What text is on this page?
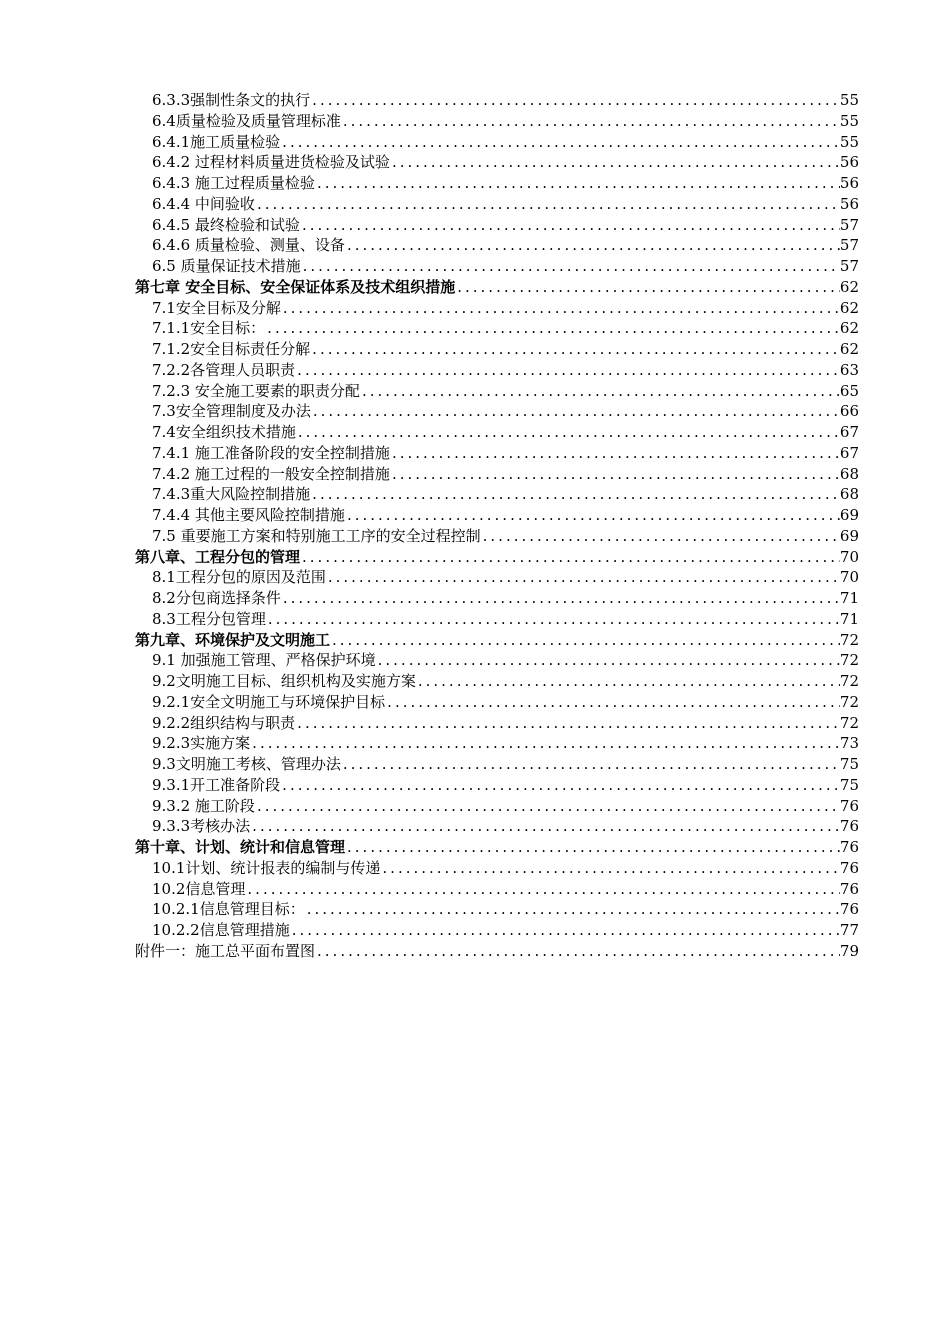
6.3.3强制性条文的执行 .....	55
6.4质量检验及质量管理标准 .....	55
6.4.1施工质量检验 .....	55
6.4.2 过程材料质量进货检验及试验 .....	56
6.4.3 施工过程质量检验 .....	56
6.4.4 中间验收 .....	56
6.4.5 最终检验和试验 .....	57
6.4.6 质量检验、测量、设备 .....	57
6.5 质量保证技术措施 .....	57
第七章 安全目标、安全保证体系及技术组织措施 .....	62
7.1安全目标及分解 .....	62
7.1.1安全目标： .....	62
7.1.2安全目标责任分解 .....	62
7.2.2各管理人员职责 .....	63
7.2.3 安全施工要素的职责分配 .....	65
7.3安全管理制度及办法 .....	66
7.4安全组织技术措施 .....	67
7.4.1 施工准备阶段的安全控制措施 .....	67
7.4.2 施工过程的一般安全控制措施 .....	68
7.4.3重大风险控制措施 .....	68
7.4.4 其他主要风险控制措施 .....	69
7.5 重要施工方案和特别施工工序的安全过程控制 .....	69
第八章、工程分包的管理 .....	70
8.1工程分包的原因及范围 .....	70
8.2分包商选择条件 .....	71
8.3工程分包管理 .....	71
第九章、环境保护及文明施工 .....	72
9.1 加强施工管理、严格保护环境 .....	72
9.2文明施工目标、组织机构及实施方案 .....	72
9.2.1安全文明施工与环境保护目标 .....	72
9.2.2组织结构与职责 .....	72
9.2.3实施方案 .....	73
9.3文明施工考核、管理办法 .....	75
9.3.1开工准备阶段 .....	75
9.3.2 施工阶段 .....	76
9.3.3考核办法 .....	76
第十章、计划、统计和信息管理 .....	76
10.1计划、统计报表的编制与传递 .....	76
10.2信息管理 .....	76
10.2.1信息管理目标： .....	76
10.2.2信息管理措施 .....	77
附件一：施工总平面布置图 .....	79
